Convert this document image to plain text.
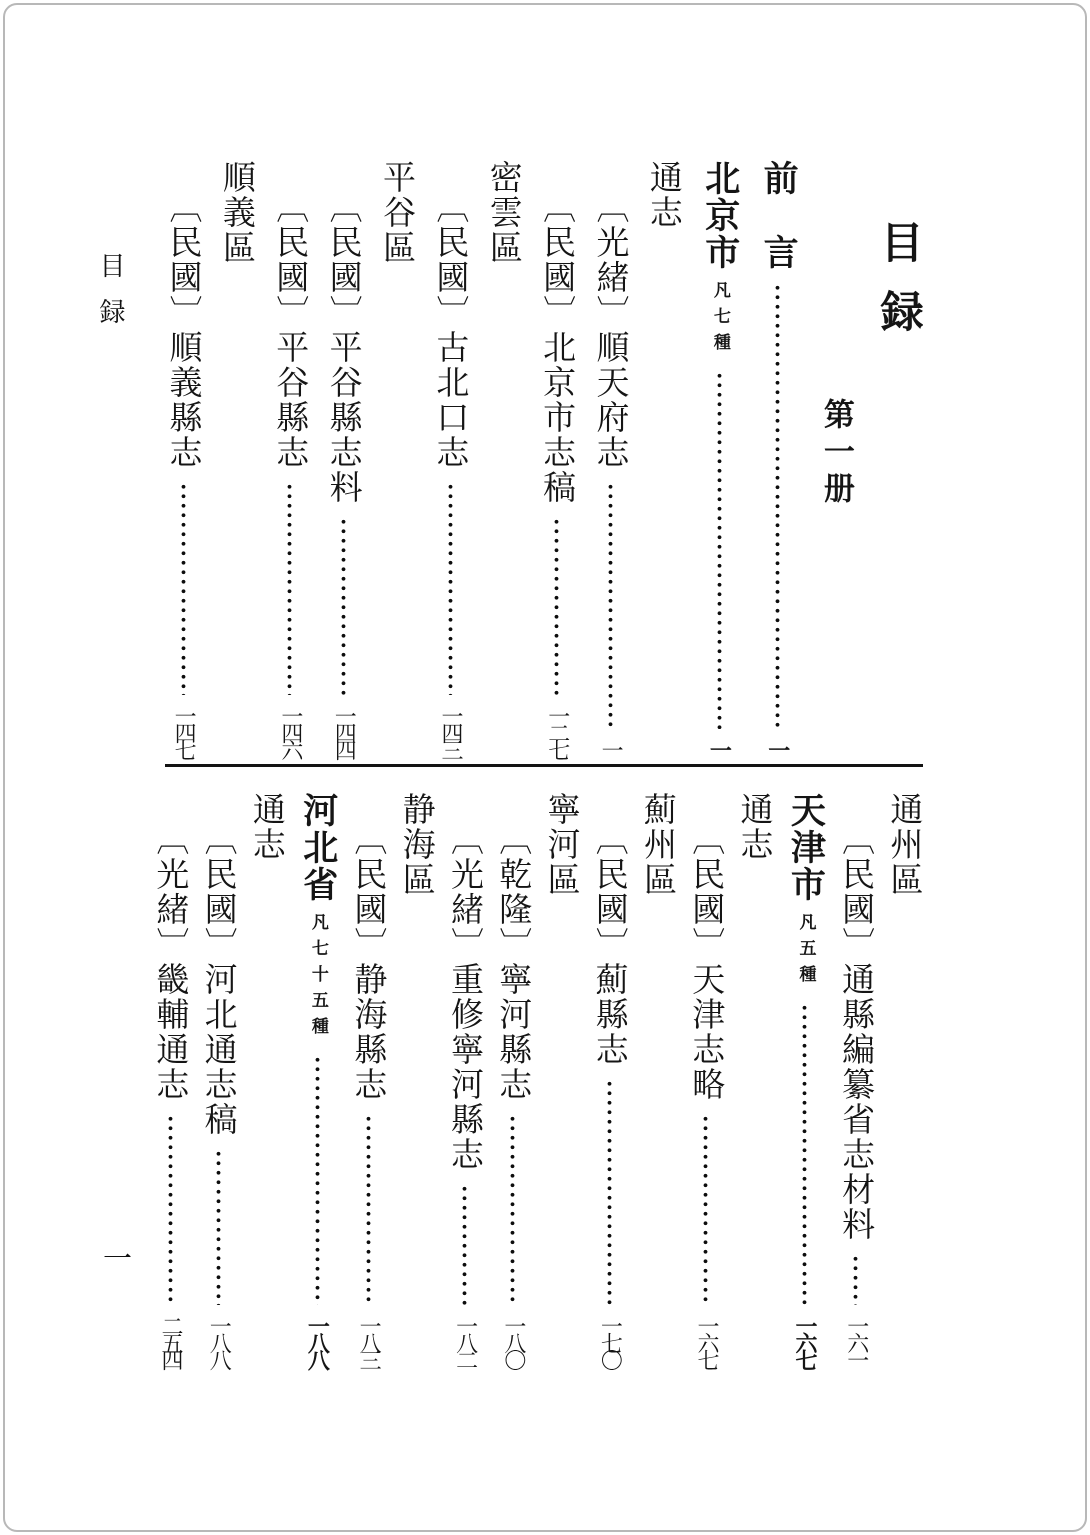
目録
一
目録
第一册
前　言
一
北京市
凡七種
一
通志
〔光緒〕順天府志
一
〔民國〕北京市志稿
一二七
密雲區
〔民國〕古北口志
一四三
平谷區
〔民國〕平谷縣志料
一四四
〔民國〕平谷縣志
一四六
順義區
〔民國〕順義縣志
一四七
通州區
〔民國〕通縣編纂省志材料
一六一
天津市
凡五種
一六七
通志
〔民國〕天津志略
一六七
薊州區
〔民國〕薊縣志
一七〇
寧河區
〔乾隆〕寧河縣志
一八〇
〔光緒〕重修寧河縣志
一八二
静海區
〔民國〕静海縣志
一八三
河北省
凡七十五種
一八八
通志
〔民國〕河北通志稿
一八八
〔光緒〕畿輔通志
二五四
